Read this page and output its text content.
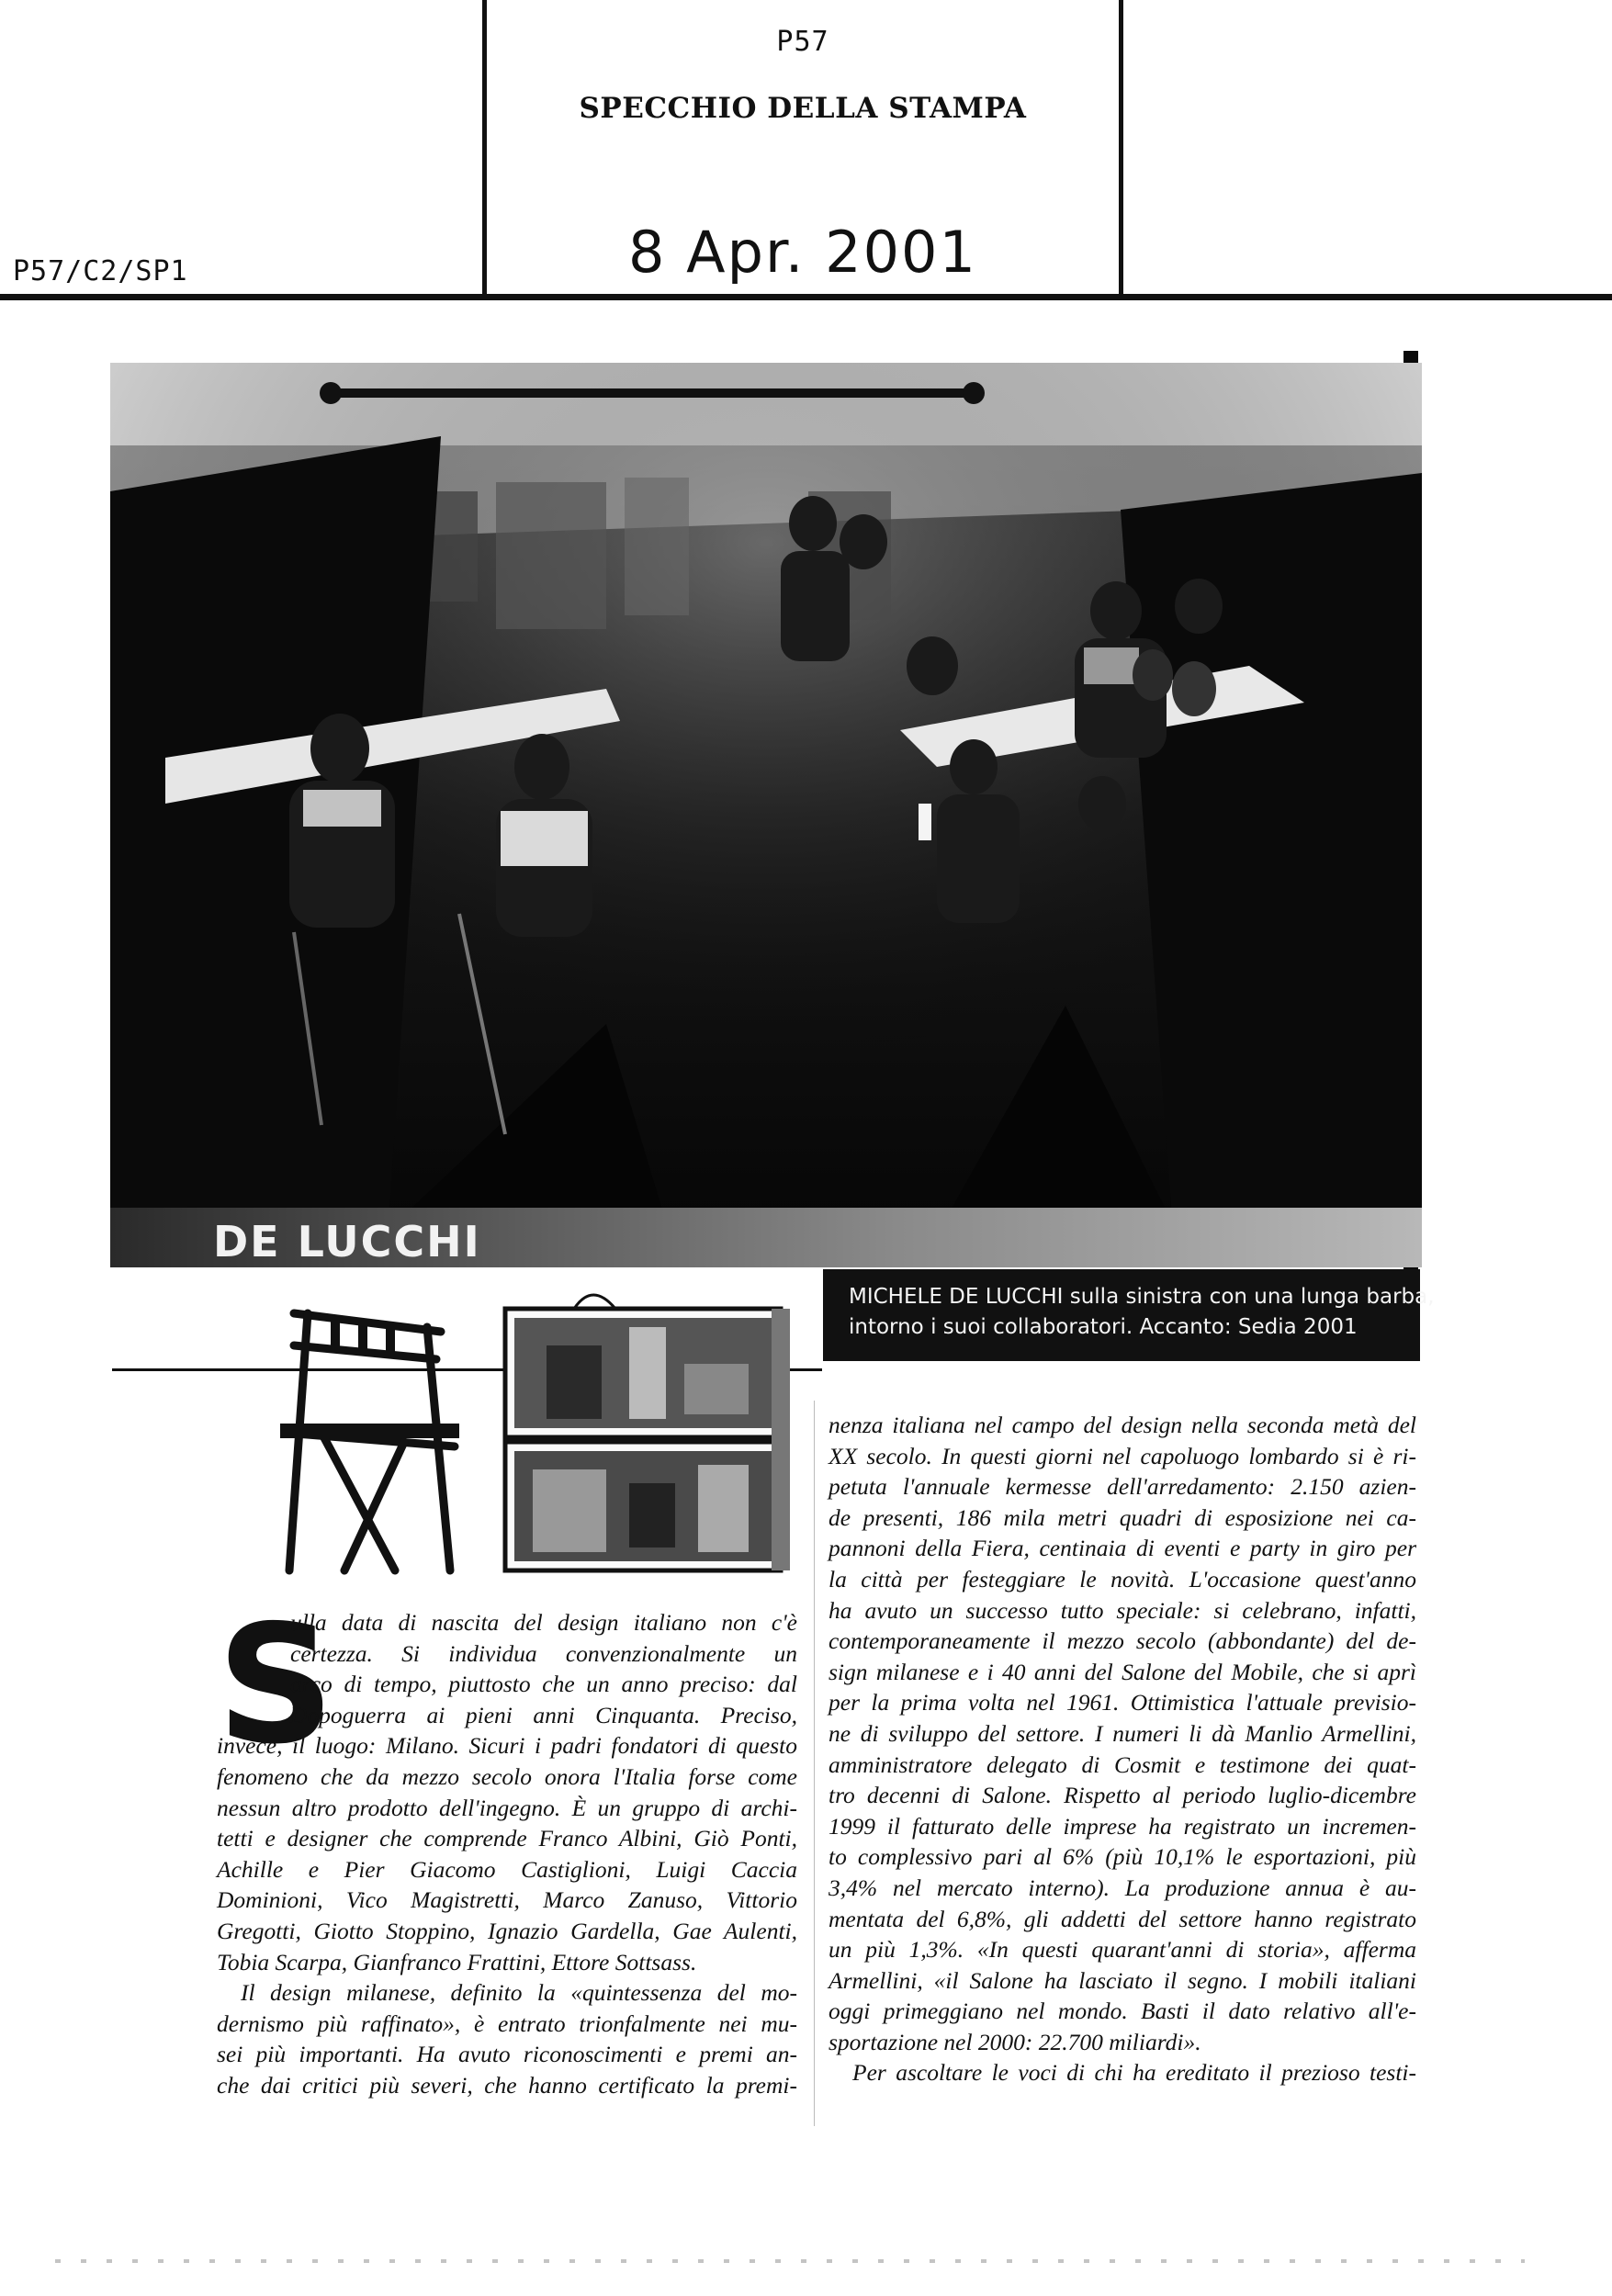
P57
SPECCHIO DELLA STAMPA
8 Apr. 2001
P57/C2/SP1
DE LUCCHI
MICHELE DE LUCCHI sulla sinistra con una lunga barba,
intorno i suoi collaboratori. Accanto: Sedia 2001
S
ulla data di nascita del design italiano non c'è
certezza. Si individua convenzionalmente un
arco di tempo, piuttosto che un anno preciso: dal
Dopoguerra ai pieni anni Cinquanta. Preciso,
invece, il luogo: Milano. Sicuri i padri fondatori di questo
fenomeno che da mezzo secolo onora l'Italia forse come
nessun altro prodotto dell'ingegno. È un gruppo di archi-
tetti e designer che comprende Franco Albini, Giò Ponti,
Achille e Pier Giacomo Castiglioni, Luigi Caccia
Dominioni, Vico Magistretti, Marco Zanuso, Vittorio
Gregotti, Giotto Stoppino, Ignazio Gardella, Gae Aulenti,
Tobia Scarpa, Gianfranco Frattini, Ettore Sottsass.
Il design milanese, definito la «quintessenza del mo-
dernismo più raffinato», è entrato trionfalmente nei mu-
sei più importanti. Ha avuto riconoscimenti e premi an-
che dai critici più severi, che hanno certificato la premi-
nenza italiana nel campo del design nella seconda metà del
XX secolo. In questi giorni nel capoluogo lombardo si è ri-
petuta l'annuale kermesse dell'arredamento: 2.150 azien-
de presenti, 186 mila metri quadri di esposizione nei ca-
pannoni della Fiera, centinaia di eventi e party in giro per
la città per festeggiare le novità. L'occasione quest'anno
ha avuto un successo tutto speciale: si celebrano, infatti,
contemporaneamente il mezzo secolo (abbondante) del de-
sign milanese e i 40 anni del Salone del Mobile, che si aprì
per la prima volta nel 1961. Ottimistica l'attuale previsio-
ne di sviluppo del settore. I numeri li dà Manlio Armellini,
amministratore delegato di Cosmit e testimone dei quat-
tro decenni di Salone. Rispetto al periodo luglio-dicembre
1999 il fatturato delle imprese ha registrato un incremen-
to complessivo pari al 6% (più 10,1% le esportazioni, più
3,4% nel mercato interno). La produzione annua è au-
mentata del 6,8%, gli addetti del settore hanno registrato
un più 1,3%. «In questi quarant'anni di storia», afferma
Armellini, «il Salone ha lasciato il segno. I mobili italiani
oggi primeggiano nel mondo. Basti il dato relativo all'e-
sportazione nel 2000: 22.700 miliardi».
Per ascoltare le voci di chi ha ereditato il prezioso testi-
